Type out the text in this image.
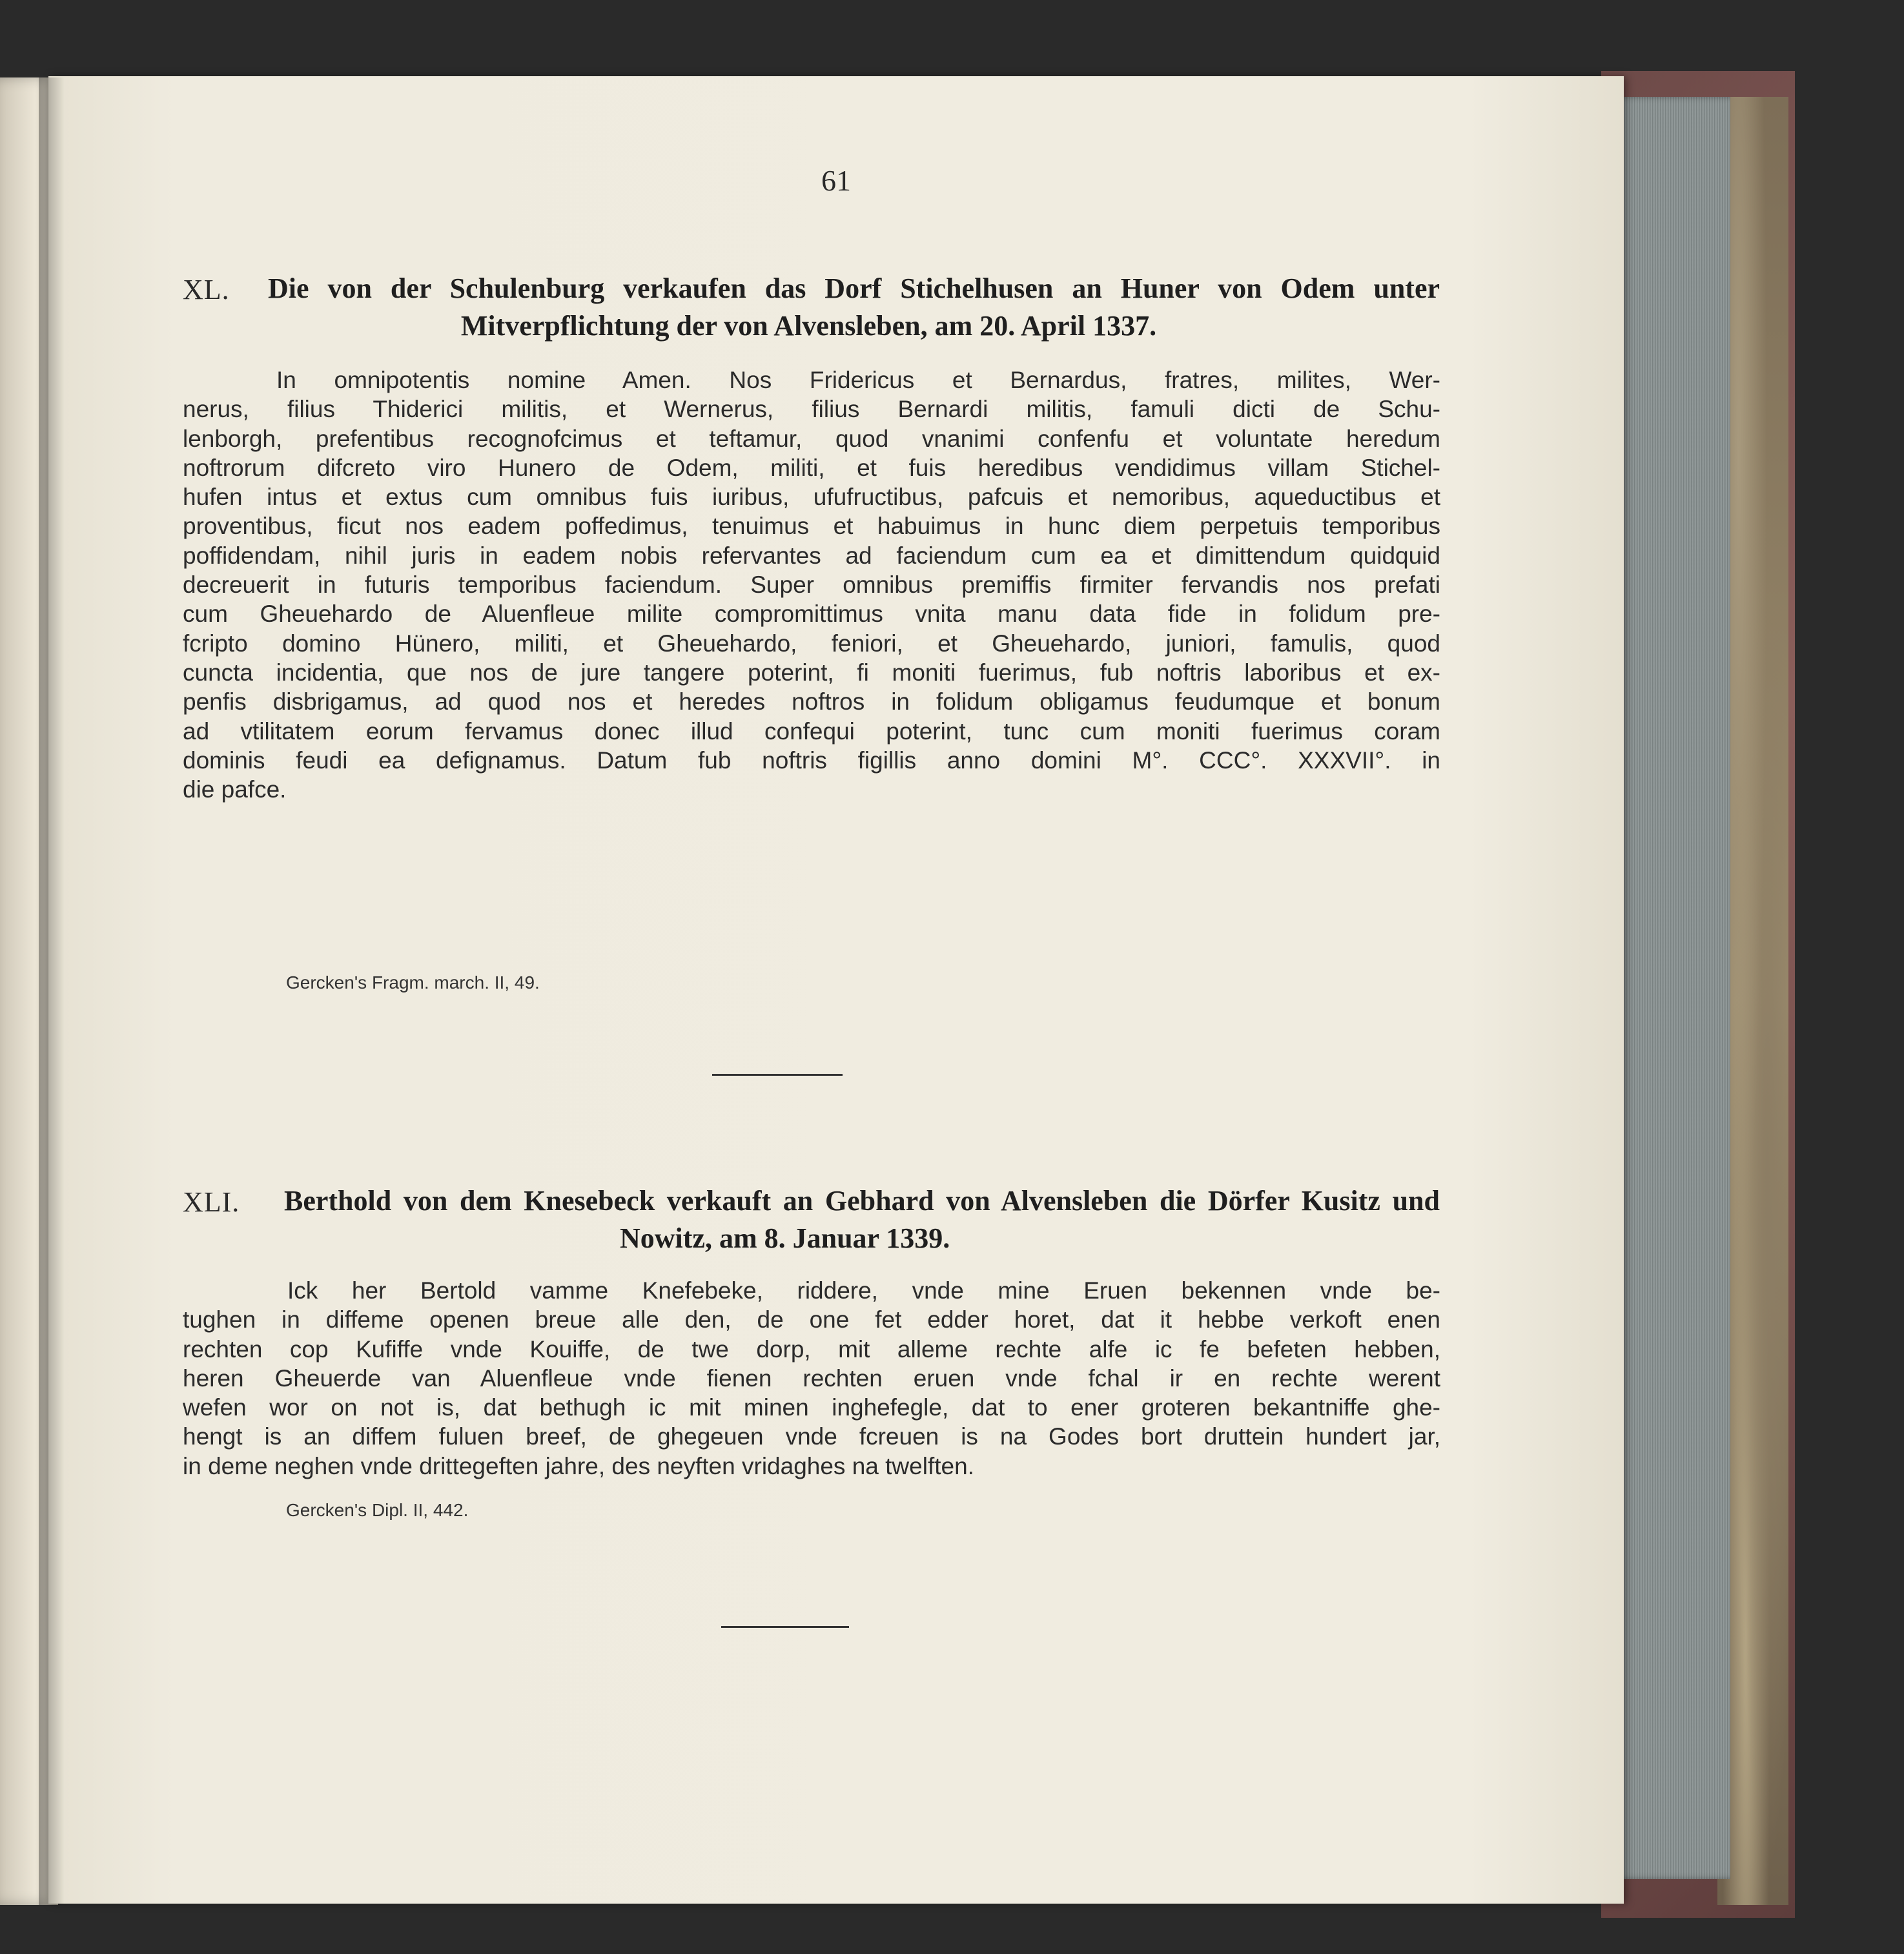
61
XL. Die von der Schulenburg verkaufen das Dorf Stichelhusen an Huner von Odem unter
Mitverpflichtung der von Alvensleben, am 20. April 1337.
In omnipotentis nomine Amen. Nos Fridericus et Bernardus, fratres, milites, Wer-
nerus, filius Thiderici militis, et Wernerus, filius Bernardi militis, famuli dicti de Schu-
lenborgh, prefentibus recognofcimus et teftamur, quod vnanimi confenfu et voluntate heredum
noftrorum difcreto viro Hunero de Odem, militi, et fuis heredibus vendidimus villam Stichel-
hufen intus et extus cum omnibus fuis iuribus, ufufructibus, pafcuis et nemoribus, aqueductibus et
proventibus, ficut nos eadem poffedimus, tenuimus et habuimus in hunc diem perpetuis temporibus
poffidendam, nihil juris in eadem nobis refervantes ad faciendum cum ea et dimittendum quidquid
decreuerit in futuris temporibus faciendum. Super omnibus premiffis firmiter fervandis nos prefati
cum Gheuehardo de Aluenfleue milite compromittimus vnita manu data fide in folidum pre-
fcripto domino Hünero, militi, et Gheuehardo, feniori, et Gheuehardo, juniori, famulis, quod
cuncta incidentia, que nos de jure tangere poterint, fi moniti fuerimus, fub noftris laboribus et ex-
penfis disbrigamus, ad quod nos et heredes noftros in folidum obligamus feudumque et bonum
ad vtilitatem eorum fervamus donec illud confequi poterint, tunc cum moniti fuerimus coram
dominis feudi ea defignamus. Datum fub noftris figillis anno domini M°. CCC°. XXXVII°. in
die pafce.
Gercken's Fragm. march. II, 49.
XLI. Berthold von dem Knesebeck verkauft an Gebhard von Alvensleben die Dörfer Kusitz und
Nowitz, am 8. Januar 1339.
Ick her Bertold vamme Knefebeke, riddere, vnde mine Eruen bekennen vnde be-
tughen in diffeme openen breue alle den, de one fet edder horet, dat it hebbe verkoft enen
rechten cop Kufiffe vnde Kouiffe, de twe dorp, mit alleme rechte alfe ic fe befeten hebben,
heren Gheuerde van Aluenfleue vnde fienen rechten eruen vnde fchal ir en rechte werent
wefen wor on not is, dat bethugh ic mit minen inghefegle, dat to ener groteren bekantniffe ghe-
hengt is an diffem fuluen breef, de ghegeuen vnde fcreuen is na Godes bort druttein hundert jar,
in deme neghen vnde drittegeften jahre, des neyften vridaghes na twelften.
Gercken's Dipl. II, 442.
